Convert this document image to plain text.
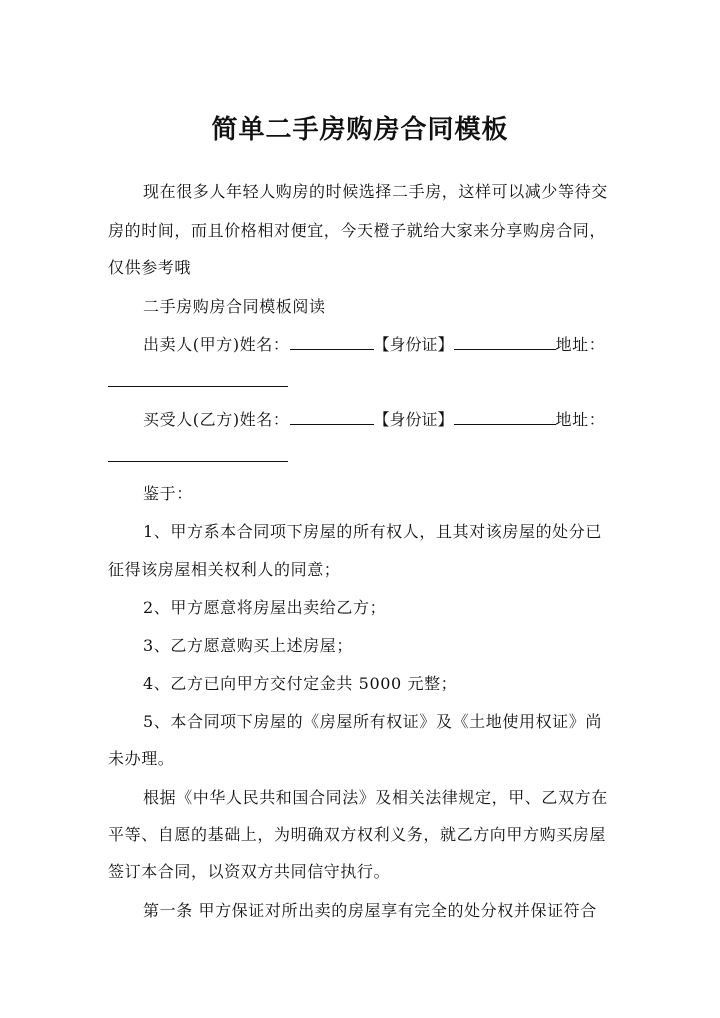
简单二手房购房合同模板
现在很多人年轻人购房的时候选择二手房，这样可以减少等待交
房的时间，而且价格相对便宜，今天橙子就给大家来分享购房合同，
仅供参考哦
二手房购房合同模板阅读
出卖人(甲方)姓名：	【身份证】	地址：
买受人(乙方)姓名：	【身份证】	地址：
鉴于：
1、甲方系本合同项下房屋的所有权人，且其对该房屋的处分已
征得该房屋相关权利人的同意；
2、甲方愿意将房屋出卖给乙方；
3、乙方愿意购买上述房屋；
4、乙方已向甲方交付定金共 5000 元整；
5、本合同项下房屋的《房屋所有权证》及《土地使用权证》尚
未办理。
根据《中华人民共和国合同法》及相关法律规定，甲、乙双方在
平等、自愿的基础上，为明确双方权利义务，就乙方向甲方购买房屋
签订本合同，以资双方共同信守执行。
第一条 甲方保证对所出卖的房屋享有完全的处分权并保证符合
